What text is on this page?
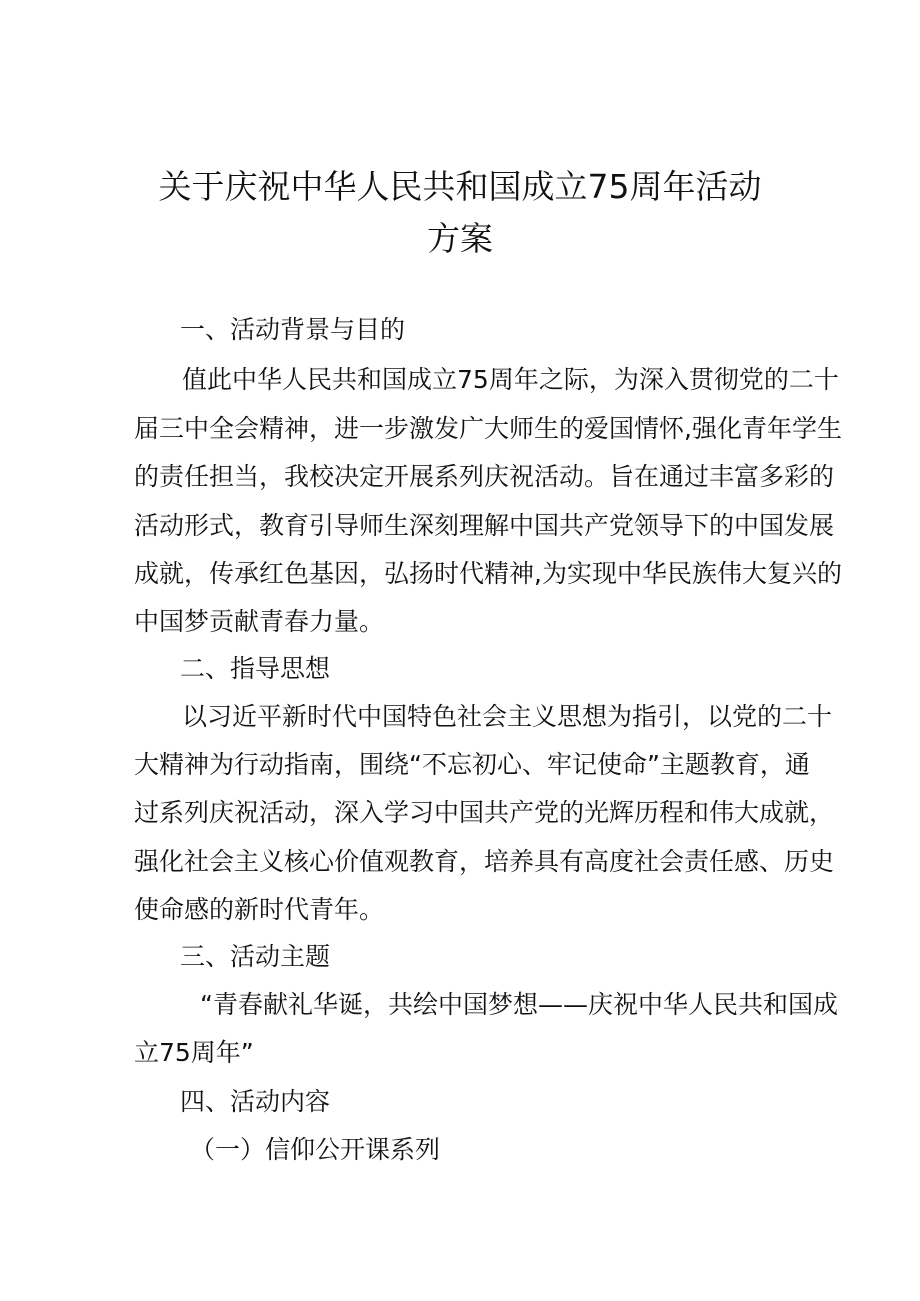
关于庆祝中华人民共和国成立75周年活动
方案

一、活动背景与目的

值此中华人民共和国成立75周年之际，为深入贯彻党的二十

届三中全会精神，进一步激发广大师生的爱国情怀,强化青年学生

的责任担当，我校决定开展系列庆祝活动。旨在通过丰富多彩的

活动形式，教育引导师生深刻理解中国共产党领导下的中国发展

成就，传承红色基因，弘扬时代精神,为实现中华民族伟大复兴的

中国梦贡献青春力量。

二、指导思想

以习近平新时代中国特色社会主义思想为指引，以党的二十

大精神为行动指南，围绕“不忘初心、牢记使命”主题教育，通

过系列庆祝活动，深入学习中国共产党的光辉历程和伟大成就，

强化社会主义核心价值观教育，培养具有高度社会责任感、历史

使命感的新时代青年。

三、活动主题

“青春献礼华诞，共绘中国梦想——庆祝中华人民共和国成

立75周年”

四、活动内容

（一）信仰公开课系列
